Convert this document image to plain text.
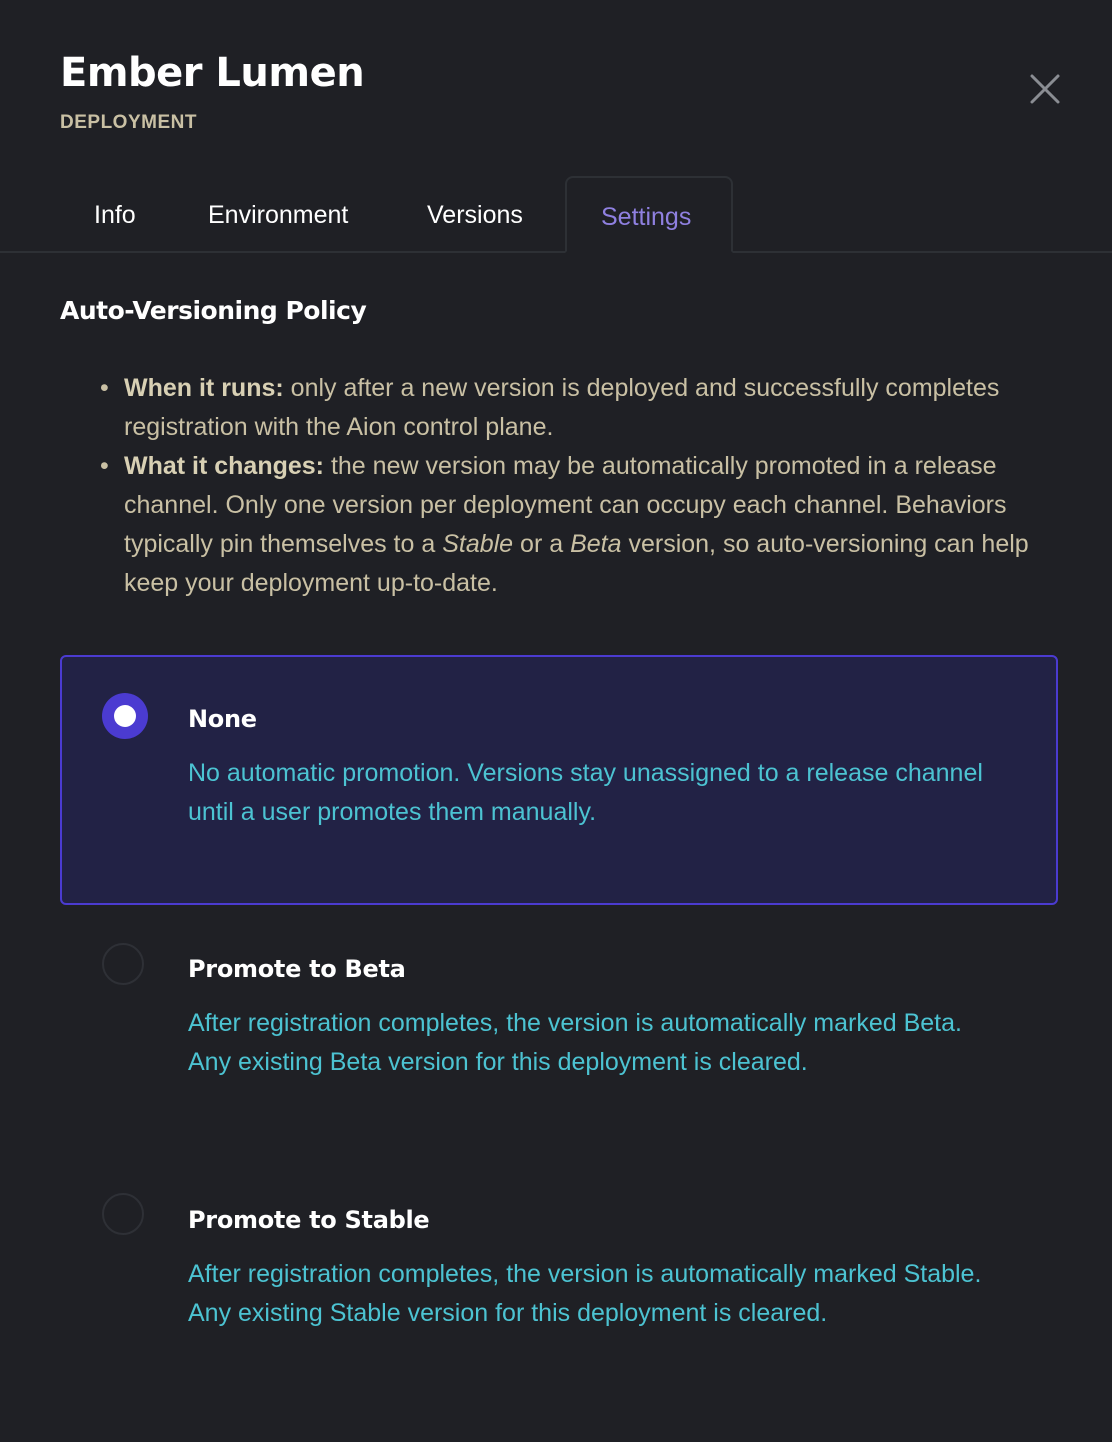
Ember Lumen
DEPLOYMENT
Info	Environment	Versions	Settings
Auto-Versioning Policy
• When it runs: only after a new version is deployed and successfully completes registration with the Aion control plane.
• What it changes: the new version may be automatically promoted in a release channel. Only one version per deployment can occupy each channel. Behaviors typically pin themselves to a Stable or a Beta version, so auto-versioning can help keep your deployment up-to-date.
None
No automatic promotion. Versions stay unassigned to a release channel until a user promotes them manually.
Promote to Beta
After registration completes, the version is automatically marked Beta. Any existing Beta version for this deployment is cleared.
Promote to Stable
After registration completes, the version is automatically marked Stable. Any existing Stable version for this deployment is cleared.
